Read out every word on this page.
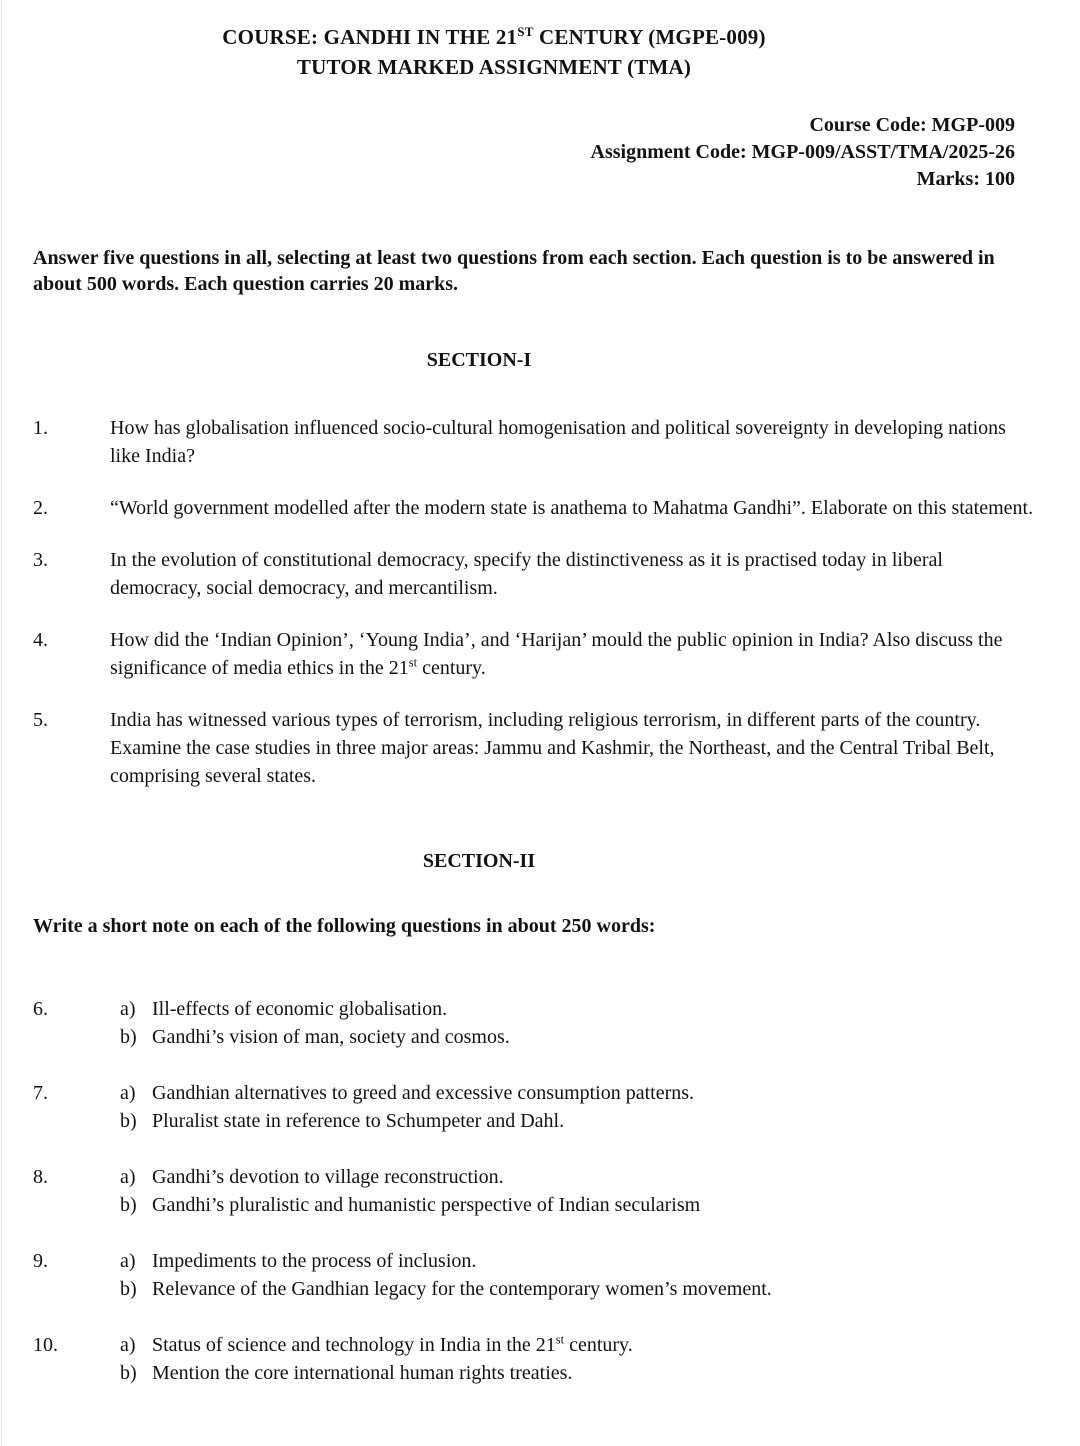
COURSE: GANDHI IN THE 21ST CENTURY (MGPE-009)
TUTOR MARKED ASSIGNMENT (TMA)
Course Code: MGP-009
Assignment Code: MGP-009/ASST/TMA/2025-26
Marks: 100
Answer five questions in all, selecting at least two questions from each section. Each question is to be answered in about 500 words. Each question carries 20 marks.
SECTION-I
1.	How has globalisation influenced socio-cultural homogenisation and political sovereignty in developing nations like India?
2.	“World government modelled after the modern state is anathema to Mahatma Gandhi”. Elaborate on this statement.
3.	In the evolution of constitutional democracy, specify the distinctiveness as it is practised today in liberal democracy, social democracy, and mercantilism.
4.	How did the ‘Indian Opinion’, ‘Young India’, and ‘Harijan’ mould the public opinion in India? Also discuss the significance of media ethics in the 21st century.
5.	India has witnessed various types of terrorism, including religious terrorism, in different parts of the country. Examine the case studies in three major areas: Jammu and Kashmir, the Northeast, and the Central Tribal Belt, comprising several states.
SECTION-II
Write a short note on each of the following questions in about 250 words:
6.	a) Ill-effects of economic globalisation.
b) Gandhi’s vision of man, society and cosmos.
7.	a) Gandhian alternatives to greed and excessive consumption patterns.
b) Pluralist state in reference to Schumpeter and Dahl.
8.	a) Gandhi’s devotion to village reconstruction.
b) Gandhi’s pluralistic and humanistic perspective of Indian secularism
9.	a) Impediments to the process of inclusion.
b) Relevance of the Gandhian legacy for the contemporary women’s movement.
10.	a) Status of science and technology in India in the 21st century.
b) Mention the core international human rights treaties.
